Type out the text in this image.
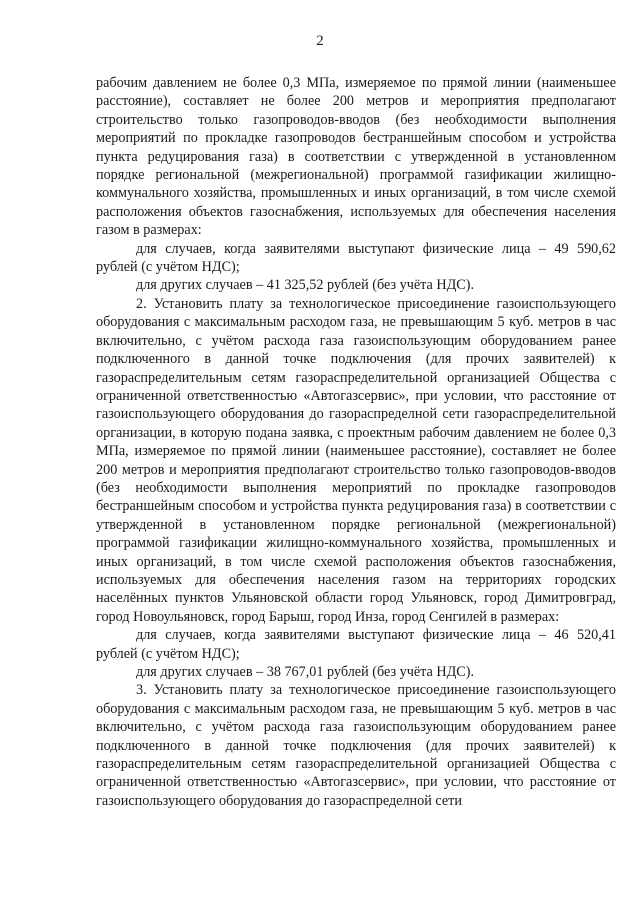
2

рабочим давлением не более 0,3 МПа, измеряемое по прямой линии (наименьшее расстояние), составляет не более 200 метров и мероприятия предполагают строительство только газопроводов-вводов (без необходимости выполнения мероприятий по прокладке газопроводов бестраншейным способом и устройства пункта редуцирования газа) в соответствии с утвержденной в установленном порядке региональной (межрегиональной) программой газификации жилищно-коммунального хозяйства, промышленных и иных организаций, в том числе схемой расположения объектов газоснабжения, используемых для обеспечения населения газом в размерах:

для случаев, когда заявителями выступают физические лица – 49 590,62 рублей (с учётом НДС);

для других случаев – 41 325,52 рублей (без учёта НДС).

2. Установить плату за технологическое присоединение газоиспользующего оборудования с максимальным расходом газа, не превышающим 5 куб. метров в час включительно, с учётом расхода газа газоиспользующим оборудованием ранее подключенного в данной точке подключения (для прочих заявителей) к газораспределительным сетям газораспределительной организацией Общества с ограниченной ответственностью «Автогазсервис», при условии, что расстояние от газоиспользующего оборудования до газораспределной сети газораспределительной организации, в которую подана заявка, с проектным рабочим давлением не более 0,3 МПа, измеряемое по прямой линии (наименьшее расстояние), составляет не более 200 метров и мероприятия предполагают строительство только газопроводов-вводов (без необходимости выполнения мероприятий по прокладке газопроводов бестраншейным способом и устройства пункта редуцирования газа) в соответствии с утвержденной в установленном порядке региональной (межрегиональной) программой газификации жилищно-коммунального хозяйства, промышленных и иных организаций, в том числе схемой расположения объектов газоснабжения, используемых для обеспечения населения газом на территориях городских населённых пунктов Ульяновской области город Ульяновск, город Димитровград, город Новоульяновск, город Барыш, город Инза, город Сенгилей в размерах:

для случаев, когда заявителями выступают физические лица – 46 520,41 рублей (с учётом НДС);

для других случаев – 38 767,01 рублей (без учёта НДС).

3. Установить плату за технологическое присоединение газоиспользующего оборудования с максимальным расходом газа, не превышающим 5 куб. метров в час включительно, с учётом расхода газа газоиспользующим оборудованием ранее подключенного в данной точке подключения (для прочих заявителей) к газораспределительным сетям газораспределительной организацией Общества с ограниченной ответственностью «Автогазсервис», при условии, что расстояние от газоиспользующего оборудования до газораспределной сети
